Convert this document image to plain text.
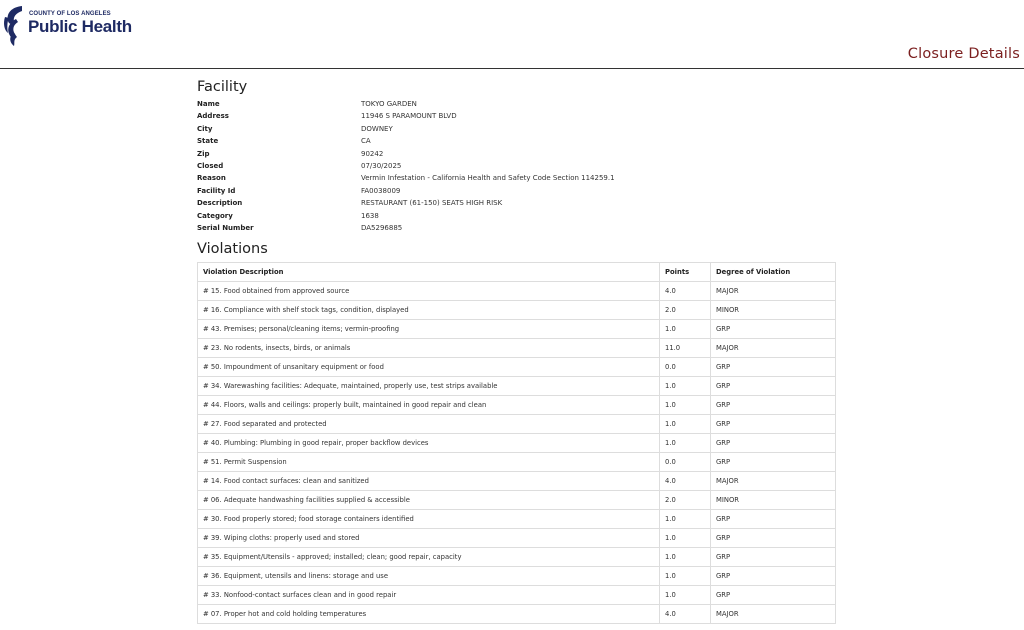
COUNTY OF LOS ANGELES
Public Health
Closure Details
Facility
Name	TOKYO GARDEN
Address	11946 S PARAMOUNT BLVD
City	DOWNEY
State	CA
Zip	90242
Closed	07/30/2025
Reason	Vermin Infestation - California Health and Safety Code Section 114259.1
Facility Id	FA0038009
Description	RESTAURANT (61-150) SEATS HIGH RISK
Category	1638
Serial Number	DA5296885
Violations
Violation Description	Points	Degree of Violation
# 15. Food obtained from approved source	4.0	MAJOR
# 16. Compliance with shelf stock tags, condition, displayed	2.0	MINOR
# 43. Premises; personal/cleaning items; vermin-proofing	1.0	GRP
# 23. No rodents, insects, birds, or animals	11.0	MAJOR
# 50. Impoundment of unsanitary equipment or food	0.0	GRP
# 34. Warewashing facilities: Adequate, maintained, properly use, test strips available	1.0	GRP
# 44. Floors, walls and ceilings: properly built, maintained in good repair and clean	1.0	GRP
# 27. Food separated and protected	1.0	GRP
# 40. Plumbing: Plumbing in good repair, proper backflow devices	1.0	GRP
# 51. Permit Suspension	0.0	GRP
# 14. Food contact surfaces: clean and sanitized	4.0	MAJOR
# 06. Adequate handwashing facilities supplied & accessible	2.0	MINOR
# 30. Food properly stored; food storage containers identified	1.0	GRP
# 39. Wiping cloths: properly used and stored	1.0	GRP
# 35. Equipment/Utensils - approved; installed; clean; good repair, capacity	1.0	GRP
# 36. Equipment, utensils and linens: storage and use	1.0	GRP
# 33. Nonfood-contact surfaces clean and in good repair	1.0	GRP
# 07. Proper hot and cold holding temperatures	4.0	MAJOR
